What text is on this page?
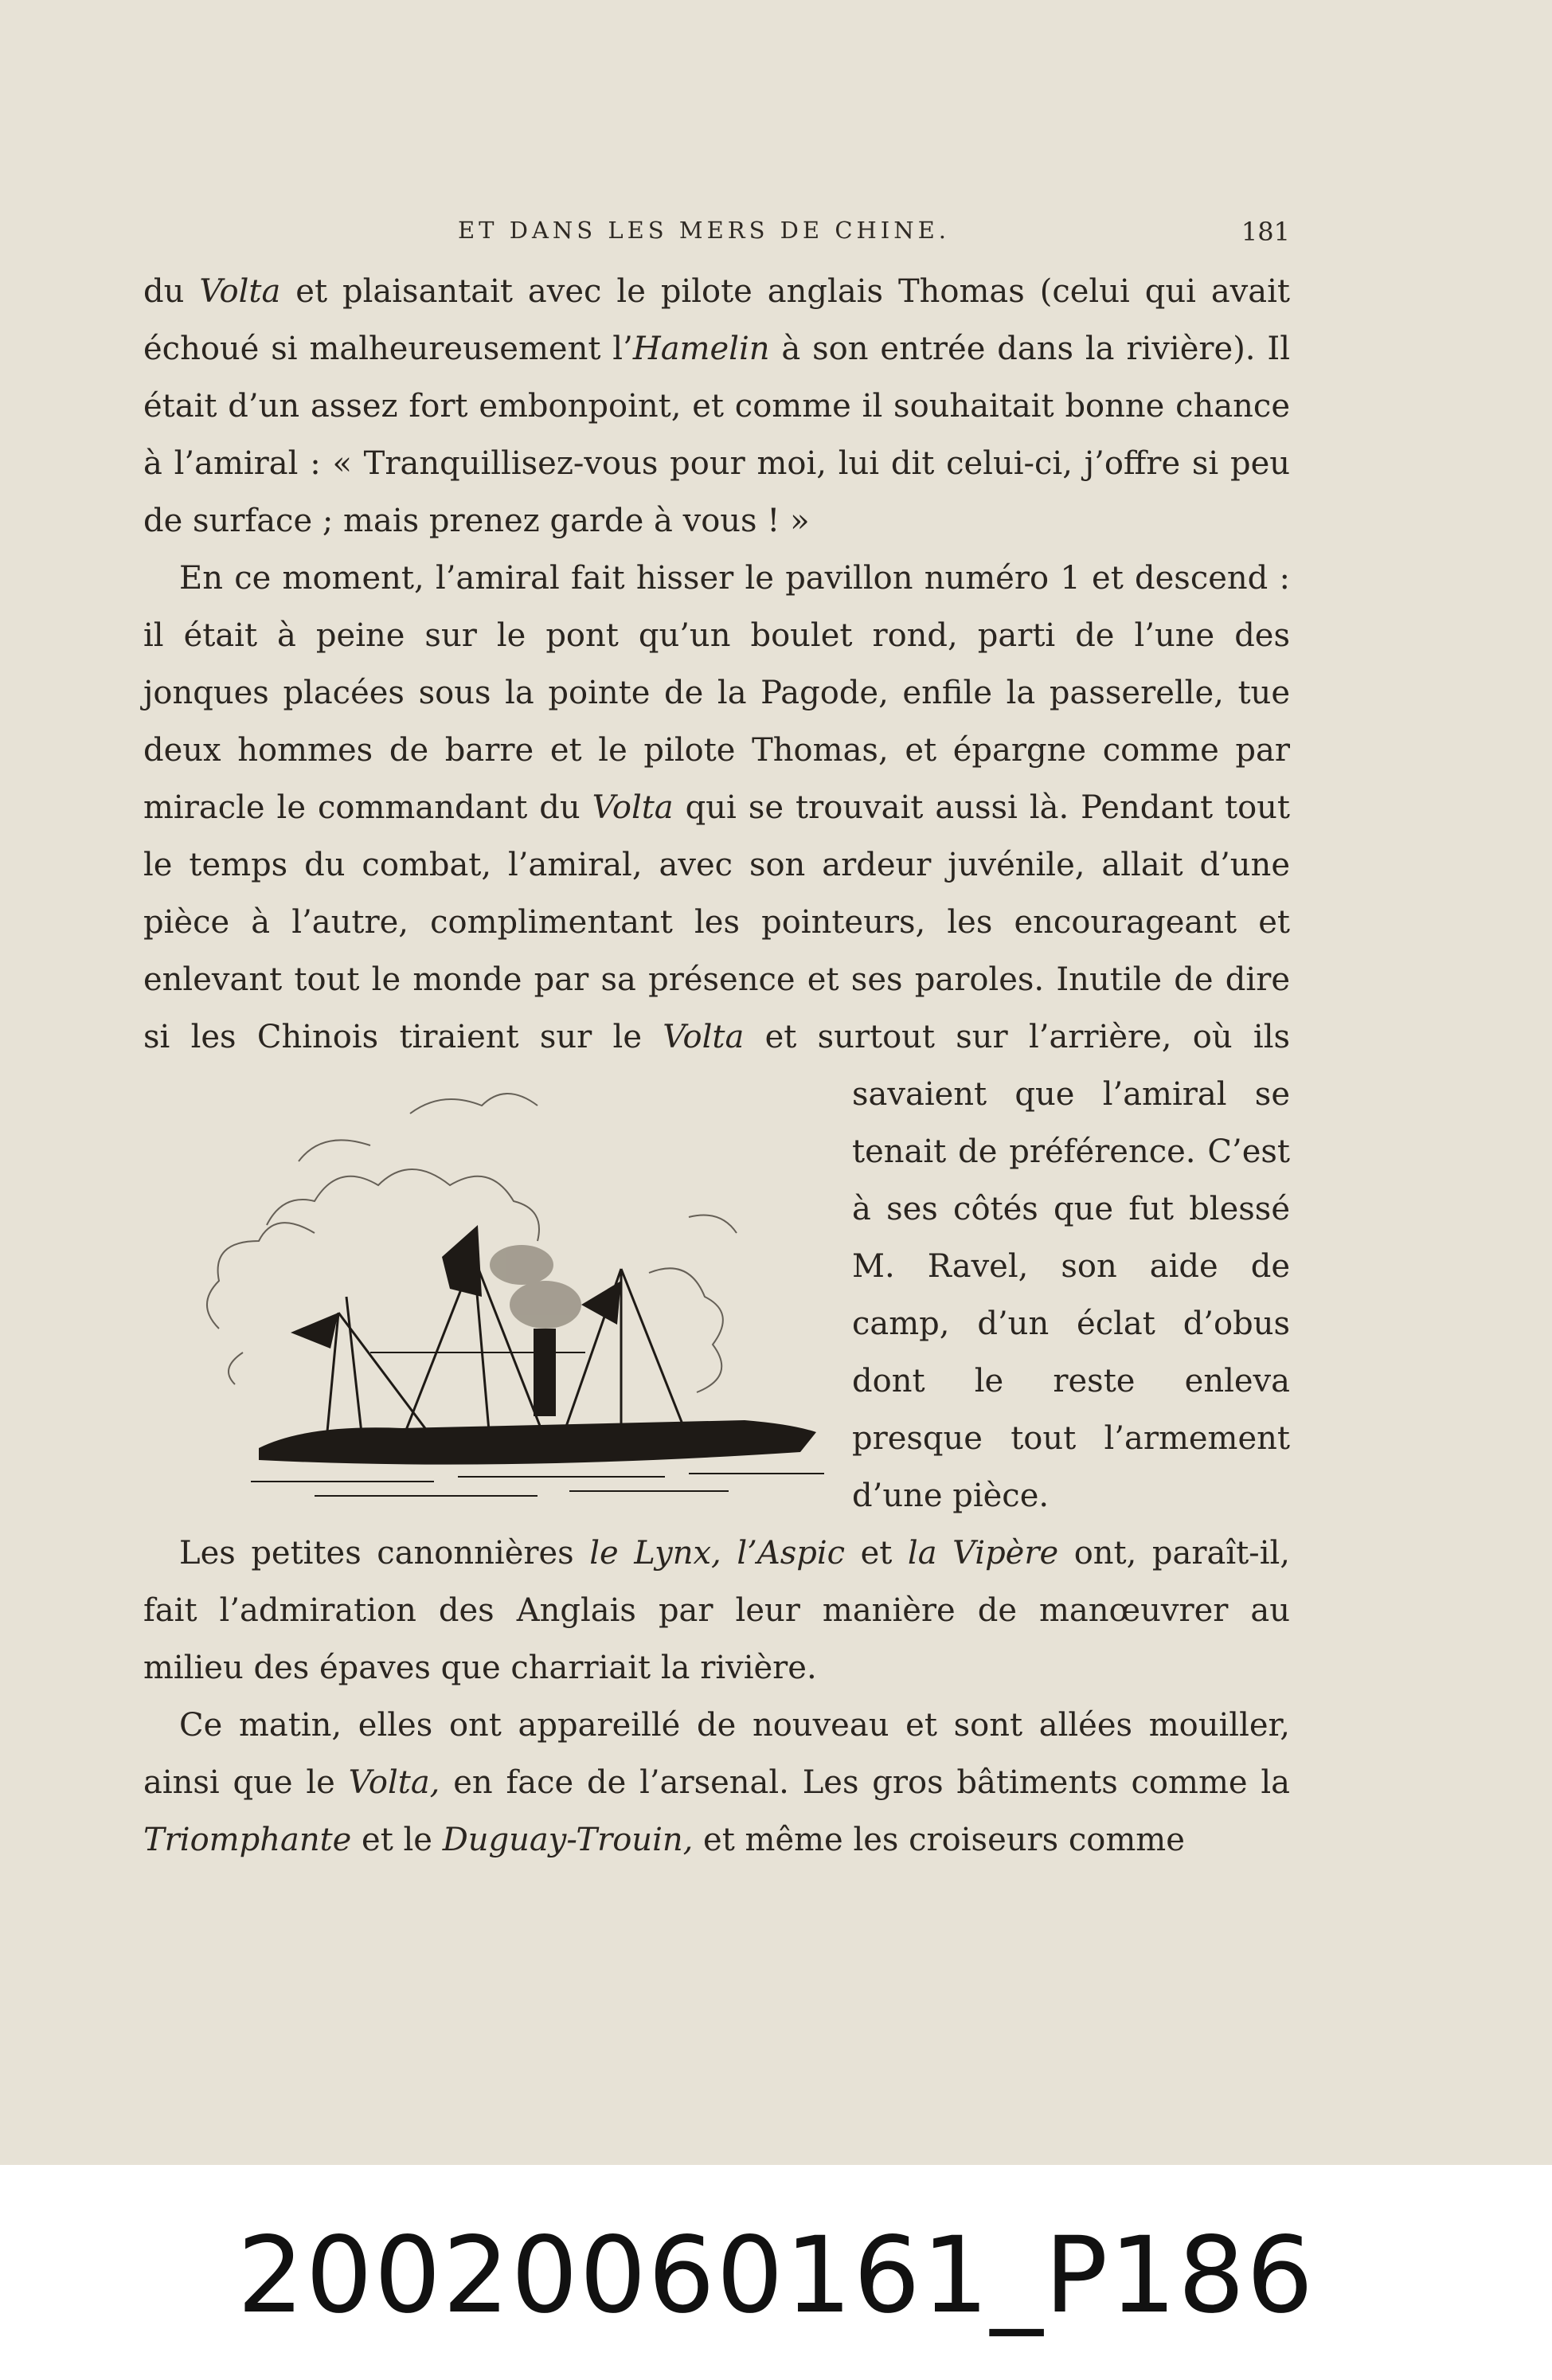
ET DANS LES MERS DE CHINE.	181

du Volta et plaisantait avec le pilote anglais Thomas (celui qui avait échoué si malheureusement l’Hamelin à son entrée dans la rivière). Il était d’un assez fort embonpoint, et comme il souhaitait bonne chance à l’amiral : « Tranquillisez-vous pour moi, lui dit celui-ci, j’offre si peu de surface ; mais prenez garde à vous ! »

En ce moment, l’amiral fait hisser le pavillon numéro 1 et descend : il était à peine sur le pont qu’un boulet rond, parti de l’une des jonques placées sous la pointe de la Pagode, enfile la passerelle, tue deux hommes de barre et le pilote Thomas, et épargne comme par miracle le commandant du Volta qui se trouvait aussi là. Pendant tout le temps du combat, l’amiral, avec son ardeur juvénile, allait d’une pièce à l’autre, complimentant les pointeurs, les encourageant et enlevant tout le monde par sa présence et ses paroles. Inutile de dire si les Chinois tiraient sur le Volta
et surtout sur l’arrière, où ils savaient que l’amiral se tenait de préférence. C’est à ses côtés que fut blessé M. Ravel, son aide de camp, d’un éclat d’obus dont le reste enleva presque tout l’armement d’une pièce.

Les petites canonnières le Lynx, l’Aspic et la Vipère ont, paraît-il, fait l’admiration des Anglais par leur manière de manœuvrer au milieu des épaves que charriait la rivière.

Ce matin, elles ont appareillé de nouveau et sont allées mouiller, ainsi que le Volta, en face de l’arsenal. Les gros bâtiments comme la Triomphante et le Duguay-Trouin, et même les croiseurs comme

20020060161_P186
